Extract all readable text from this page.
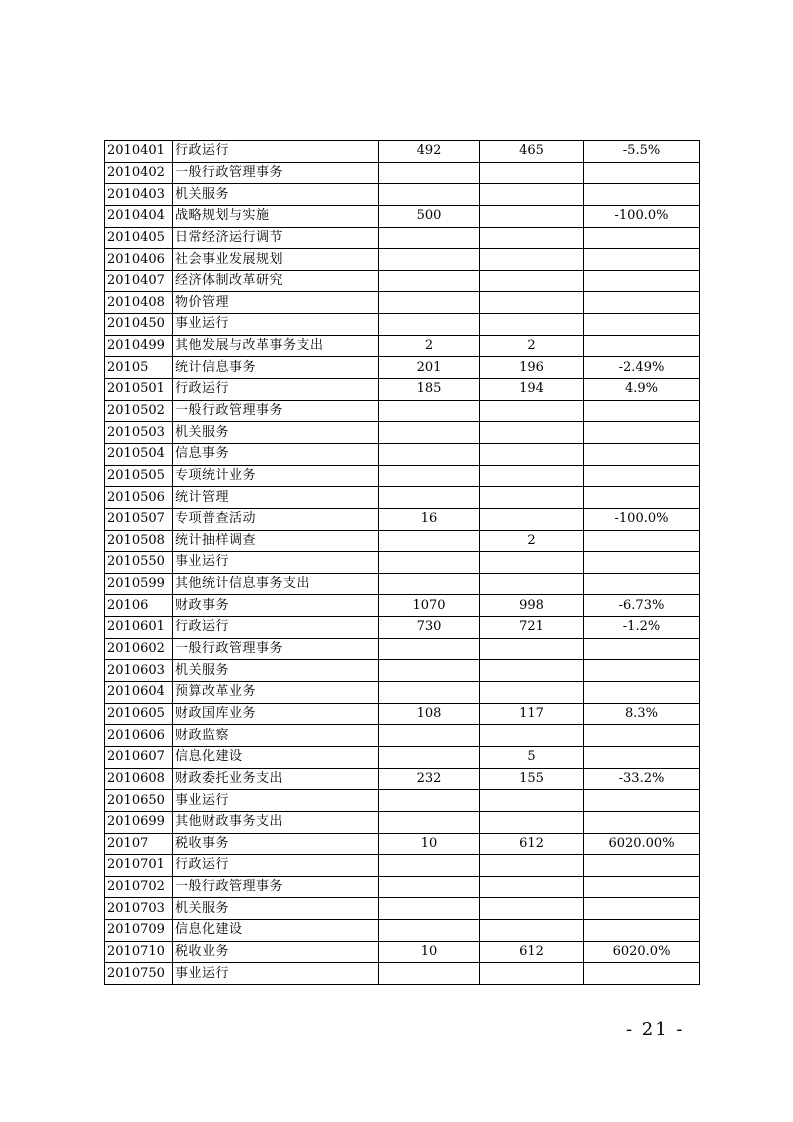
2010401	行政运行	492	465	-5.5%
2010402	一般行政管理事务			
2010403	机关服务			
2010404	战略规划与实施	500		-100.0%
2010405	日常经济运行调节			
2010406	社会事业发展规划			
2010407	经济体制改革研究			
2010408	物价管理			
2010450	事业运行			
2010499	其他发展与改革事务支出	2	2	
20105	统计信息事务	201	196	-2.49%
2010501	行政运行	185	194	4.9%
2010502	一般行政管理事务			
2010503	机关服务			
2010504	信息事务			
2010505	专项统计业务			
2010506	统计管理			
2010507	专项普查活动	16		-100.0%
2010508	统计抽样调查		2	
2010550	事业运行			
2010599	其他统计信息事务支出			
20106	财政事务	1070	998	-6.73%
2010601	行政运行	730	721	-1.2%
2010602	一般行政管理事务			
2010603	机关服务			
2010604	预算改革业务			
2010605	财政国库业务	108	117	8.3%
2010606	财政监察			
2010607	信息化建设		5	
2010608	财政委托业务支出	232	155	-33.2%
2010650	事业运行			
2010699	其他财政事务支出			
20107	税收事务	10	612	6020.00%
2010701	行政运行			
2010702	一般行政管理事务			
2010703	机关服务			
2010709	信息化建设			
2010710	税收业务	10	612	6020.0%
2010750	事业运行			
- 21 -
